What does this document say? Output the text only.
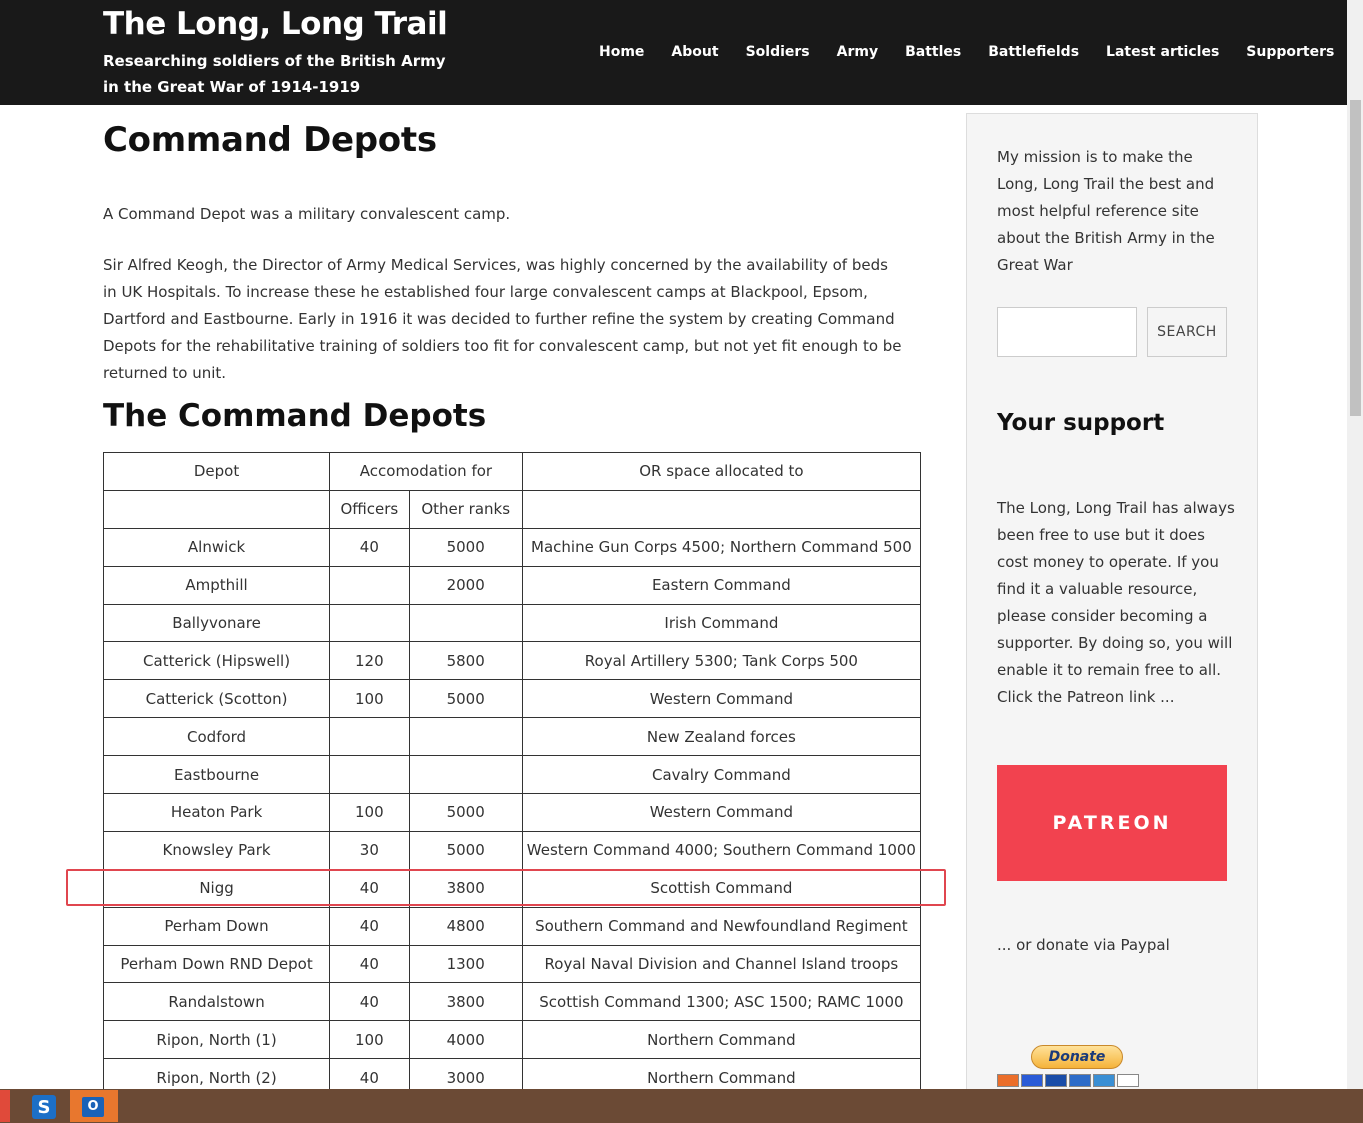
The Long, Long Trail
Researching soldiers of the British Army in the Great War of 1914-1919
Home About Soldiers Army Battles Battlefields Latest articles Supporters
Command Depots

A Command Depot was a military convalescent camp.

Sir Alfred Keogh, the Director of Army Medical Services, was highly concerned by the availability of beds in UK Hospitals. To increase these he established four large convalescent camps at Blackpool, Epsom, Dartford and Eastbourne. Early in 1916 it was decided to further refine the system by creating Command Depots for the rehabilitative training of soldiers too fit for convalescent camp, but not yet fit enough to be returned to unit.

The Command Depots
Depot	Accomodation for		OR space allocated to
	Officers	Other ranks	
Alnwick	40	5000	Machine Gun Corps 4500; Northern Command 500
Ampthill		2000	Eastern Command
Ballyvonare			Irish Command
Catterick (Hipswell)	120	5800	Royal Artillery 5300; Tank Corps 500
Catterick (Scotton)	100	5000	Western Command
Codford			New Zealand forces
Eastbourne			Cavalry Command
Heaton Park	100	5000	Western Command
Knowsley Park	30	5000	Western Command 4000; Southern Command 1000
Nigg	40	3800	Scottish Command
Perham Down	40	4800	Southern Command and Newfoundland Regiment
Perham Down RND Depot	40	1300	Royal Naval Division and Channel Island troops
Randalstown	40	3800	Scottish Command 1300; ASC 1500; RAMC 1000
Ripon, North (1)	100	4000	Northern Command
Ripon, North (2)	40	3000	Northern Command

My mission is to make the Long, Long Trail the best and most helpful reference site about the British Army in the Great War

SEARCH
Your support

The Long, Long Trail has always been free to use but it does cost money to operate. If you find it a valuable resource, please consider becoming a supporter. By doing so, you will enable it to remain free to all. Click the Patreon link ...

PATREON

... or donate via Paypal

Donate
S	O
